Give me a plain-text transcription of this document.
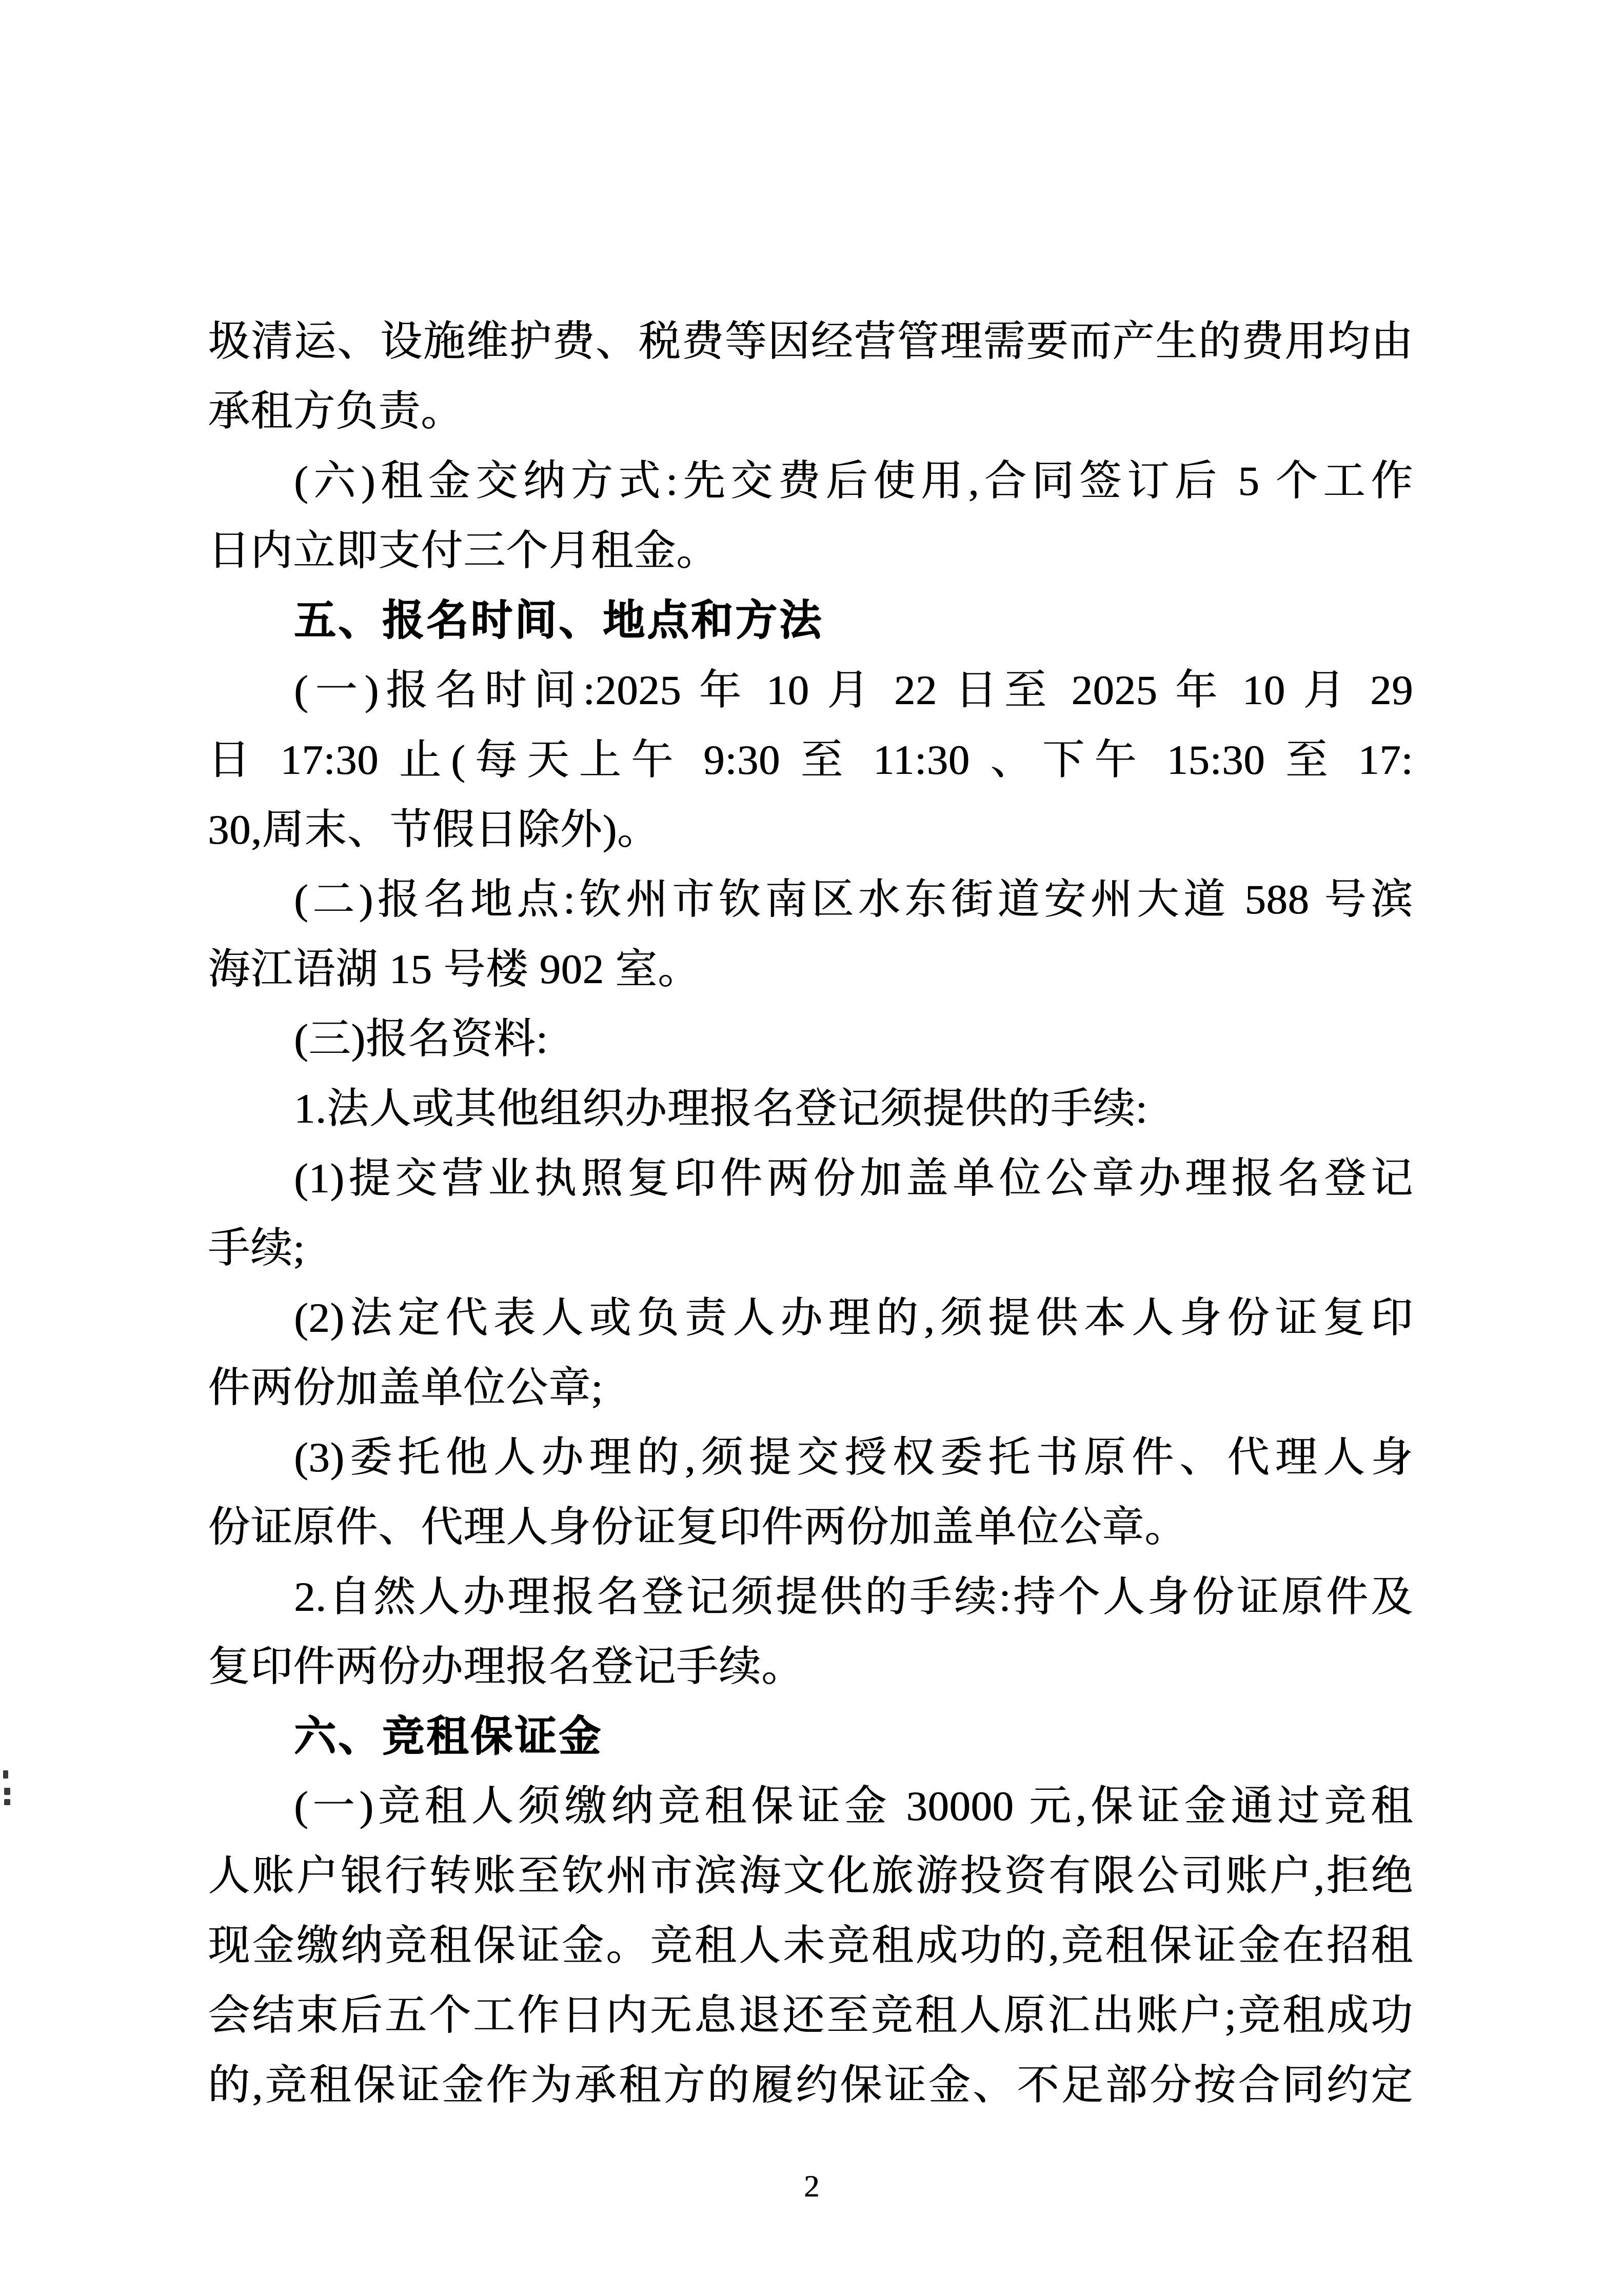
圾清运、设施维护费、税费等因经营管理需要而产生的费用均由
承租方负责。
(六)租金交纳方式:先交费后使用,合同签订后 5 个工作
日内立即支付三个月租金。
五、报名时间、地点和方法
(一)报名时间:2025 年 10 月 22 日至 2025 年 10 月 29
日 17:30 止(每天上午 9:30 至 11:30 、下午 15:30 至 17:
30,周末、节假日除外)。
(二)报名地点:钦州市钦南区水东街道安州大道 588 号滨
海江语湖 15 号楼 902 室。
(三)报名资料:
1.法人或其他组织办理报名登记须提供的手续:
(1)提交营业执照复印件两份加盖单位公章办理报名登记
手续;
(2)法定代表人或负责人办理的,须提供本人身份证复印
件两份加盖单位公章;
(3)委托他人办理的,须提交授权委托书原件、代理人身
份证原件、代理人身份证复印件两份加盖单位公章。
2.自然人办理报名登记须提供的手续:持个人身份证原件及
复印件两份办理报名登记手续。
六、竞租保证金
(一)竞租人须缴纳竞租保证金 30000 元,保证金通过竞租
人账户银行转账至钦州市滨海文化旅游投资有限公司账户,拒绝
现金缴纳竞租保证金。竞租人未竞租成功的,竞租保证金在招租
会结束后五个工作日内无息退还至竞租人原汇出账户;竞租成功
的,竞租保证金作为承租方的履约保证金、不足部分按合同约定
2
